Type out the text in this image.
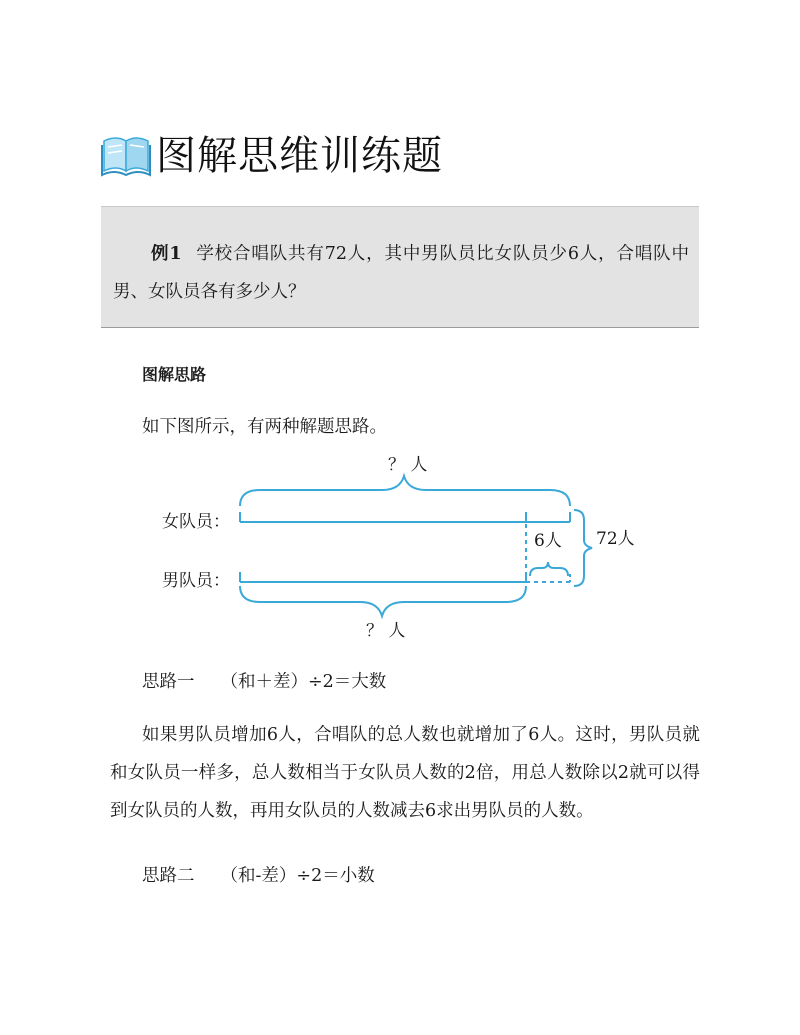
图解思维训练题
例1 学校合唱队共有72人，其中男队员比女队员少6人，合唱队中男、女队员各有多少人？
图解思路
如下图所示，有两种解题思路。
？ 人
女队员：
6人 72人
男队员：
？ 人
思路一 （和＋差）÷2＝大数
如果男队员增加6人，合唱队的总人数也就增加了6人。这时，男队员就和女队员一样多，总人数相当于女队员人数的2倍，用总人数除以2就可以得到女队员的人数，再用女队员的人数减去6求出男队员的人数。
思路二 （和-差）÷2＝小数
